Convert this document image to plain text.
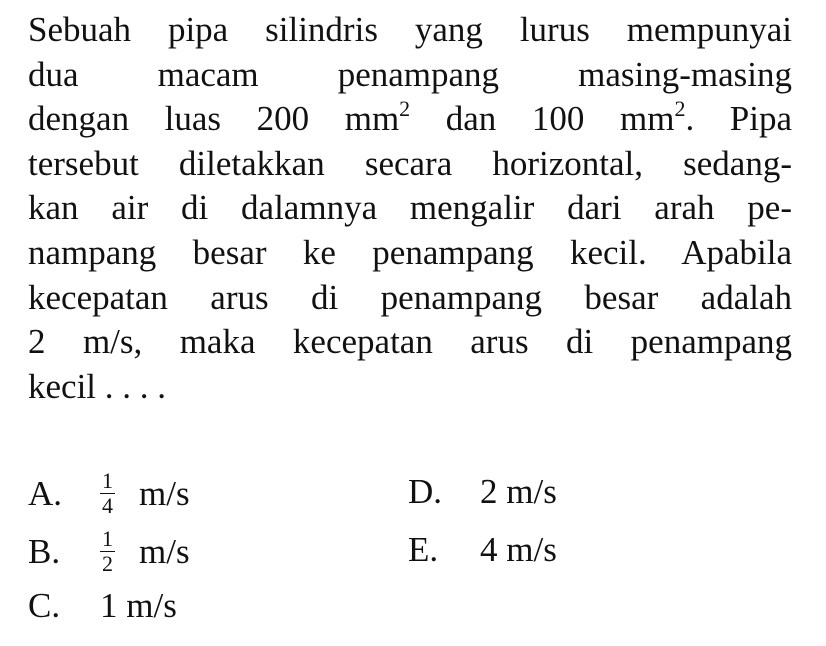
Sebuah pipa silindris yang lurus mempunyai
dua macam penampang masing-masing
dengan luas 200 $mm^2$ dan 100 $mm^2$. Pipa
tersebut diletakkan secara horizontal, sedang-
kan air di dalamnya mengalir dari arah pe-
nampang besar ke penampang kecil. Apabila
kecepatan arus di penampang besar adalah
2 m/s, maka kecepatan arus di penampang
kecil . . . .
A.	$\frac{1}{4} m/s$
B.	$\frac{1}{2} m/s$
C.	1 m/s
D.	2 m/s
E.	4 m/s
